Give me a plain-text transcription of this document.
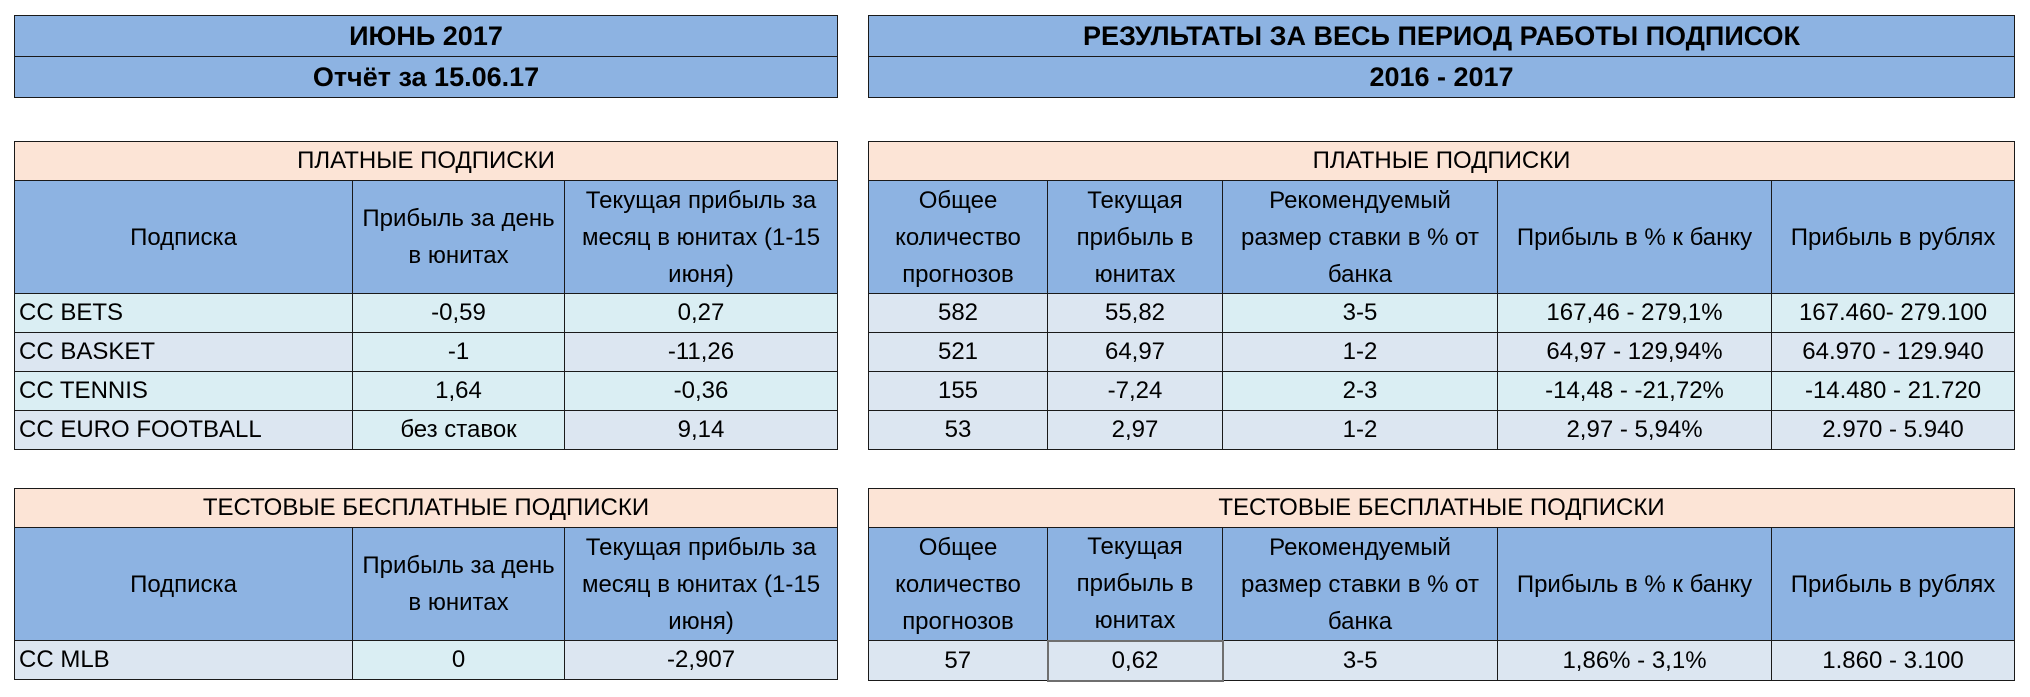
ИЮНЬ 2017
Отчёт за 15.06.17
РЕЗУЛЬТАТЫ ЗА ВЕСЬ ПЕРИОД РАБОТЫ ПОДПИСОК
2016 - 2017
ПЛАТНЫЕ ПОДПИСКИ		
Подписка	Прибыль за день в юнитах	Текущая прибыль за месяц в юнитах (1-15 июня)
CC BETS	-0,59	0,27
CC BASKET	-1	-11,26
CC TENNIS	1,64	-0,36
CC EURO FOOTBALL	без ставок	9,14
ПЛАТНЫЕ ПОДПИСКИ				
Общее количество прогнозов	Текущая прибыль в юнитах	Рекомендуемый размер ставки в % от банка	Прибыль в % к банку	Прибыль в рублях
582	55,82	3-5	167,46 - 279,1%	167.460- 279.100
521	64,97	1-2	64,97 - 129,94%	64.970 - 129.940
155	-7,24	2-3	-14,48 - -21,72%	-14.480 - 21.720
53	2,97	1-2	2,97 - 5,94%	2.970 - 5.940
ТЕСТОВЫЕ БЕСПЛАТНЫЕ ПОДПИСКИ		
Подписка	Прибыль за день в юнитах	Текущая прибыль за месяц в юнитах (1-15 июня)
CC MLB	0	-2,907
ТЕСТОВЫЕ БЕСПЛАТНЫЕ ПОДПИСКИ				
Общее количество прогнозов	Текущая прибыль в юнитах	Рекомендуемый размер ставки в % от банка	Прибыль в % к банку	Прибыль в рублях
57	0,62	3-5	1,86% - 3,1%	1.860 - 3.100
